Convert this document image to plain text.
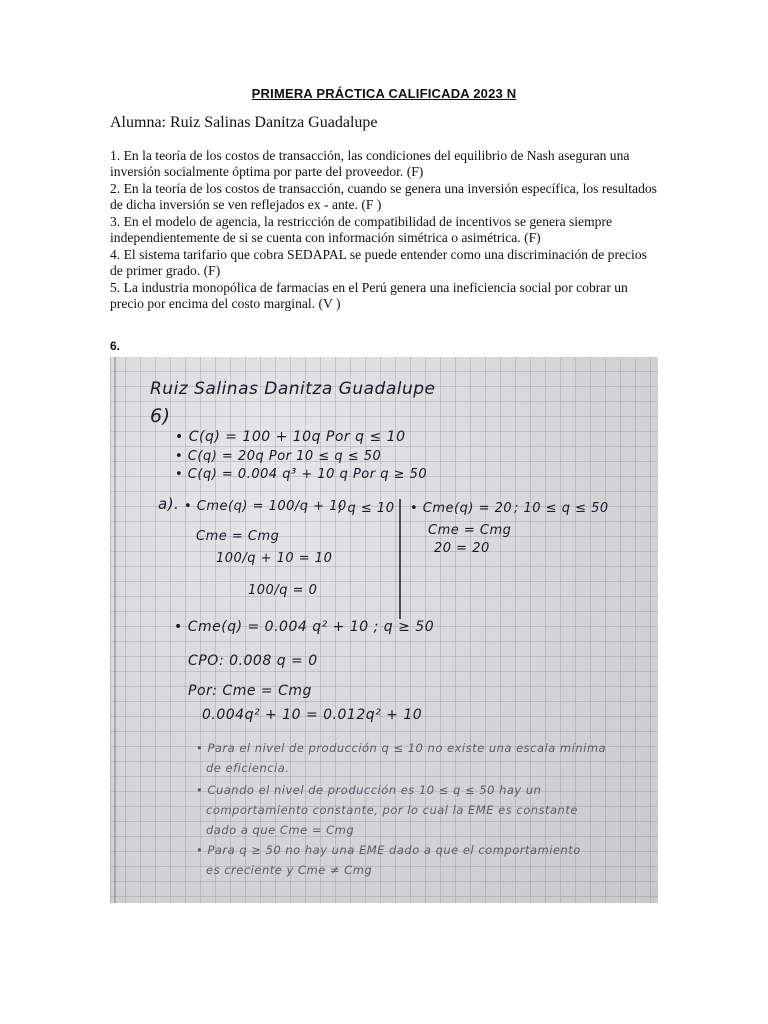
PRIMERA PRÁCTICA CALIFICADA 2023 N
Alumna: Ruiz Salinas Danitza Guadalupe

1. En la teoría de los costos de transacción, las condiciones del equilibrio de Nash aseguran una inversión socialmente óptima por parte del proveedor. (F)

2. En la teoría de los costos de transacción, cuando se genera una inversión específica, los resultados de dicha inversión se ven reflejados ex - ante. (F )

3. En el modelo de agencia, la restricción de compatibilidad de incentivos se genera siempre independientemente de si se cuenta con información simétrica o asimétrica. (F)

4. El sistema tarifario que cobra SEDAPAL se puede entender como una discriminación de precios de primer grado. (F)

5. La industria monopólica de farmacias en el Perú genera una ineficiencia social por cobrar un precio por encima del costo marginal. (V )

6.
Ruiz Salinas Danitza Guadalupe
6)
• C(q) = 100 + 10q Por q ≤ 10
• C(q) = 20q Por 10 ≤ q ≤ 50
• C(q) = 0.004 q³ + 10 q Por q ≥ 50
a). • Cme(q) = 100/q + 10
; q ≤ 10
Cme = Cmg
100/q + 10 = 10
100/q = 0
• Cme(q) = 20 ; 10 ≤ q ≤ 50
Cme = Cmg
20 = 20
• Cme(q) = 0.004 q² + 10 ; q ≥ 50
CPO: 0.008 q = 0
Por: Cme = Cmg
0.004q² + 10 = 0.012q² + 10
• Para el nivel de producción q ≤ 10 no existe una escala mínima
de eficiencia.
• Cuando el nivel de producción es 10 ≤ q ≤ 50 hay un
comportamiento constante, por lo cual la EME es constante
dado a que Cme = Cmg
• Para q ≥ 50 no hay una EME dado a que el comportamiento
es creciente y Cme ≠ Cmg
